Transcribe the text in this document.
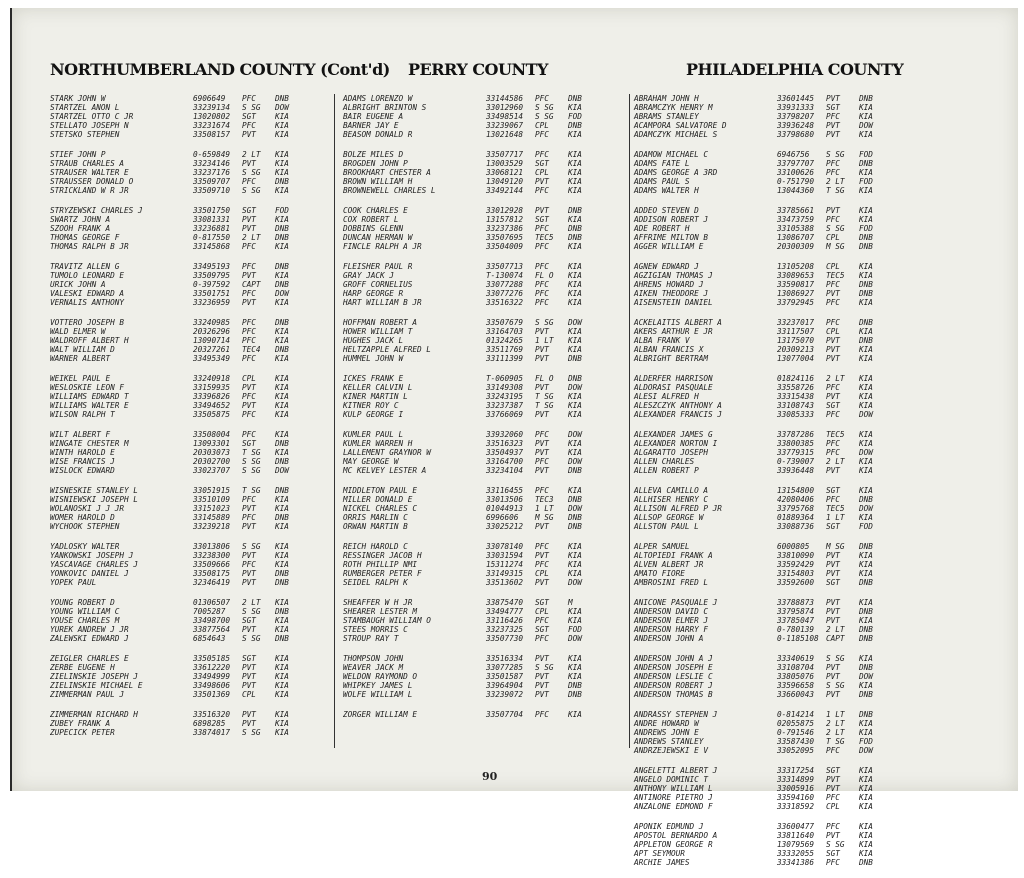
NORTHUMBERLAND COUNTY (Cont'd) PERRY COUNTY	PHILADELPHIA COUNTY
STARK JOHN W	6906649 PFC DNB
STARTZEL ANON L	33239134 S SG DOW
STARTZEL OTTO C JR	13020802 SGT KIA
STELLATO JOSEPH N	33231674 PFC KIA
STETSKO STEPHEN	33508157 PVT KIA
STIEF JOHN P	0-659849 2 LT KIA
STRAUB CHARLES A	33234146 PVT KIA
STRAUSER WALTER E	33237176 S SG KIA
STRAUSSER DONALD O	33509707 PFC DNB
STRICKLAND W R JR	33509710 S SG KIA
STRYZEWSKI CHARLES J	33501750 SGT FOD
SWARTZ JOHN A	33081331 PVT KIA
SZOOH FRANK A	33236881 PVT DNB
THOMAS GEORGE F	0-817550 2 LT DNB
THOMAS RALPH B JR	33145868 PFC KIA
TRAVITZ ALLEN G	33495193 PFC DNB
TUMOLO LEONARD E	33509795 PVT KIA
URICK JOHN A	0-397592 CAPT DNB
VALESKI EDWARD A	33501751 PFC DOW
VERNALIS ANTHONY	33236959 PVT KIA
VOTTERO JOSEPH B	33240985 PFC DNB
WALD ELMER W	20326296 PFC KIA
WALDROFF ALBERT H	13090714 PFC KIA
WALT WILLIAM D	20327261 TEC4 DNB
WARNER ALBERT	33495349 PFC KIA
WEIKEL PAUL E	33240918 CPL KIA
WESLOSKIE LEON F	33159935 PVT KIA
WILLIAMS EDWARD T	33396826 PFC KIA
WILLIAMS WALTER E	33494652 PVT KIA
WILSON RALPH T	33505875 PFC KIA
WILT ALBERT F	33508004 PFC KIA
WINGATE CHESTER M	13093301 SGT DNB
WINTH HAROLD E	20303073 T SG KIA
WISE FRANCIS J	20302700 S SG DNB
WISLOCK EDWARD	33023707 S SG DOW
WISNESKIE STANLEY L	33051915 T SG DNB
WISNIEWSKI JOSEPH L	33510109 PFC KIA
WOLANOSKI J J JR	33151023 PVT KIA
WOMER HAROLD D	33145889 PFC DNB
WYCHOOK STEPHEN	33239218 PVT KIA
YADLOSKY WALTER	33013806 S SG KIA
YANKOWSKI JOSEPH J	33238300 PVT KIA
YASCAVAGE CHARLES J	33509666 PFC KIA
YONKOVIC DANIEL J	33508175 PVT DNB
YOPEK PAUL	32346419 PVT DNB
YOUNG ROBERT D	01306507 2 LT KIA
YOUNG WILLIAM C	7005287 S SG DNB
YOUSE CHARLES M	33498700 SGT KIA
YUREK ANDREW J JR	33877564 PVT KIA
ZALEWSKI EDWARD J	6854643 S SG DNB
ZEIGLER CHARLES E	33505185 SGT KIA
ZERBE EUGENE H	33612220 PVT KIA
ZIELINSKIE JOSEPH J	33494999 PVT KIA
ZIELINSKIE MICHAEL E	33498606 PVT KIA
ZIMMERMAN PAUL J	33501369 CPL KIA
ZIMMERMAN RICHARD H	33516320 PVT KIA
ZUBEY FRANK A	6898285 PVT KIA
ZUPECICK PETER	33874017 S SG KIA
ADAMS LORENZO W	33144586 PFC DNB
ALBRIGHT BRINTON S	33012960 S SG KIA
BAIR EUGENE A	33498514 S SG FOD
BARNER JAY E	33239067 CPL DNB
BEASOM DONALD R	13021648 PFC KIA
BOLZE MILES D	33507717 PFC KIA
BROGDEN JOHN P	13003529 SGT KIA
BROOKHART CHESTER A	33068121 CPL KIA
BROWN WILLIAM H	13049120 PVT KIA
BROWNEWELL CHARLES L	33492144 PFC KIA
COOK CHARLES E	33012928 PVT DNB
COX ROBERT L	13157812 SGT KIA
DOBBINS GLENN	33237386 PFC DNB
DUNCAN HERMAN W	33507695 TEC5 DNB
FINCLE RALPH A JR	33504009 PFC KIA
FLEISHER PAUL R	33507713 PFC KIA
GRAY JACK J	T-130074 FL O KIA
GROFF CORNELIUS	33077288 PFC KIA
HARP GEORGE R	33077276 PFC KIA
HART WILLIAM B JR	33516322 PFC KIA
HOFFMAN ROBERT A	33507679 S SG DOW
HOWER WILLIAM T	33164703 PVT KIA
HUGHES JACK L	01324265 1 LT KIA
HELTZAPPLE ALFRED L	33511769 PVT KIA
HUMMEL JOHN W	33111399 PVT DNB
ICKES FRANK E	T-060905 FL O DNB
KELLER CALVIN L	33149308 PVT DOW
KINER MARTIN L	33243195 T SG KIA
KITNER ROY C	33237387 T SG KIA
KULP GEORGE I	33766069 PVT KIA
KUMLER PAUL L	33932060 PFC DOW
KUMLER WARREN H	33516323 PVT KIA
LALLEMENT GRAYNOR W	33504937 PVT KIA
MAY GEORGE W	33164700 PFC DOW
MC KELVEY LESTER A	33234104 PVT DNB
MIDDLETON PAUL E	33116455 PFC KIA
MILLER DONALD E	33013506 TEC3 DNB
NICKEL CHARLES C	01044913 1 LT DOW
ORRIS MARLIN C	6996606 M SG DNB
ORWAN MARTIN B	33025212 PVT DNB
REICH HAROLD C	33078140 PFC KIA
RESSINGER JACOB H	33031594 PVT KIA
ROTH PHILLIP NMI	15311274 PFC KIA
RUMBERGER PETER F	33149315 CPL KIA
SEIDEL RALPH K	33513602 PVT DOW
SHEAFFER W H JR	33875470 SGT M
SHEARER LESTER M	33494777 CPL KIA
STAMBAUGH WILLIAM O	33116426 PFC KIA
STEES MORRIS C	33237325 SGT FOD
STROUP RAY T	33507730 PFC DOW
THOMPSON JOHN	33516334 PVT KIA
WEAVER JACK M	33077285 S SG KIA
WELDON RAYMOND O	33501587 PVT KIA
WHIPKEY JAMES L	33964904 PVT DNB
WOLFE WILLIAM L	33239072 PVT DNB
ZORGER WILLIAM E	33507704 PFC KIA
ABRAHAM JOHN H	33601445 PVT DNB
ABRAMCZYK HENRY M	33931333 SGT KIA
ABRAMS STANLEY	33798207 PFC KIA
ACAMPORA SALVATORE D	33936248 PVT DOW
ADAMCZYK MICHAEL S	33798680 PVT KIA
ADAMOW MICHAEL C	6946756 S SG FOD
ADAMS FATE L	33797707 PFC DNB
ADAMS GEORGE A 3RD	33100626 PFC KIA
ADAMS PAUL S	0-751790 2 LT FOD
ADAMS WALTER H	13044360 T SG KIA
ADDEO STEVEN D	33785661 PVT KIA
ADDISON ROBERT J	33473759 PFC KIA
ADE ROBERT H	33105388 S SG FOD
AFFRIME MILTON B	13086707 CPL DNB
AGGER WILLIAM E	20300309 M SG DNB
AGNEW EDWARD J	13105208 CPL KIA
AGZIGIAN THOMAS J	33089653 TEC5 KIA
AHRENS HOWARD J	33590817 PFC DNB
AIKEN THEODORE J	13086927 PVT DNB
AISENSTEIN DANIEL	33792945 PFC KIA
ACKELAITIS ALBERT A	33237017 PFC DNB
AKERS ARTHUR E JR	33117507 CPL KIA
ALBA FRANK V	13175070 PVT DNB
ALBAN FRANCIS X	20309213 PVT KIA
ALBRIGHT BERTRAM	13077004 PVT KIA
ALDERFER HARRISON	01824116 2 LT KIA
ALDORASI PASQUALE	33558726 PFC KIA
ALESI ALFRED H	33315438 PVT KIA
ALESZCZYK ANTHONY A	33108743 SGT KIA
ALEXANDER FRANCIS J	33085333 PFC DOW
ALEXANDER JAMES G	33787286 TEC5 KIA
ALEXANDER NORTON I	33800385 PFC KIA
ALGARATTO JOSEPH	33779315 PFC DOW
ALLEN CHARLES	0-739007 2 LT KIA
ALLEN ROBERT P	33936448 PVT KIA
ALLEVA CAMILLO A	13154800 SGT KIA
ALLHISER HENRY C	42080406 PFC DNB
ALLISON ALFRED P JR	33795768 TEC5 DOW
ALLSOP GEORGE W	01889364 1 LT KIA
ALLSTON PAUL L	33088736 SGT FOD
ALPER SAMUEL	6000805 M SG DNB
ALTOPIEDI FRANK A	33810090 PVT KIA
ALVEN ALBERT JR	33592429 PVT KIA
AMATO FIORE	33154803 PVT KIA
AMBROSINI FRED L	33592600 SGT DNB
ANICONE PASQUALE J	33788873 PVT KIA
ANDERSON DAVID C	33795874 PVT DNB
ANDERSON ELMER J	33785047 PVT KIA
ANDERSON HARRY F	0-780139 2 LT DNB
ANDERSON JOHN A	0-1185108 CAPT DNB
ANDERSON JOHN A J	33340619 S SG KIA
ANDERSON JOSEPH E	33108704 PVT DNB
ANDERSON LESLIE C	33805076 PVT DOW
ANDERSON ROBERT J	33596658 S SG KIA
ANDERSON THOMAS B	33660043 PVT DNB
ANDRASSY STEPHEN J	0-814214 1 LT DNB
ANDRE HOWARD W	02055875 2 LT KIA
ANDREWS JOHN E	0-791546 2 LT KIA
ANDREWS STANLEY	33587430 T SG FOD
ANDRZEJEWSKI E V	33052095 PFC DOW
ANGELETTI ALBERT J	33317254 SGT KIA
ANGELO DOMINIC T	33314899 PVT KIA
ANTHONY WILLIAM L	33005916 PVT KIA
ANTINORE PIETRO J	33594160 PFC KIA
ANZALONE EDMOND F	33318592 CPL KIA
APONIK EDMUND J	33600477 PFC KIA
APOSTOL BERNARDO A	33811640 PVT KIA
APPLETON GEORGE R	13079569 S SG KIA
APT SEYMOUR	33332055 SGT KIA
ARCHIE JAMES	33341386 PFC DNB
90
